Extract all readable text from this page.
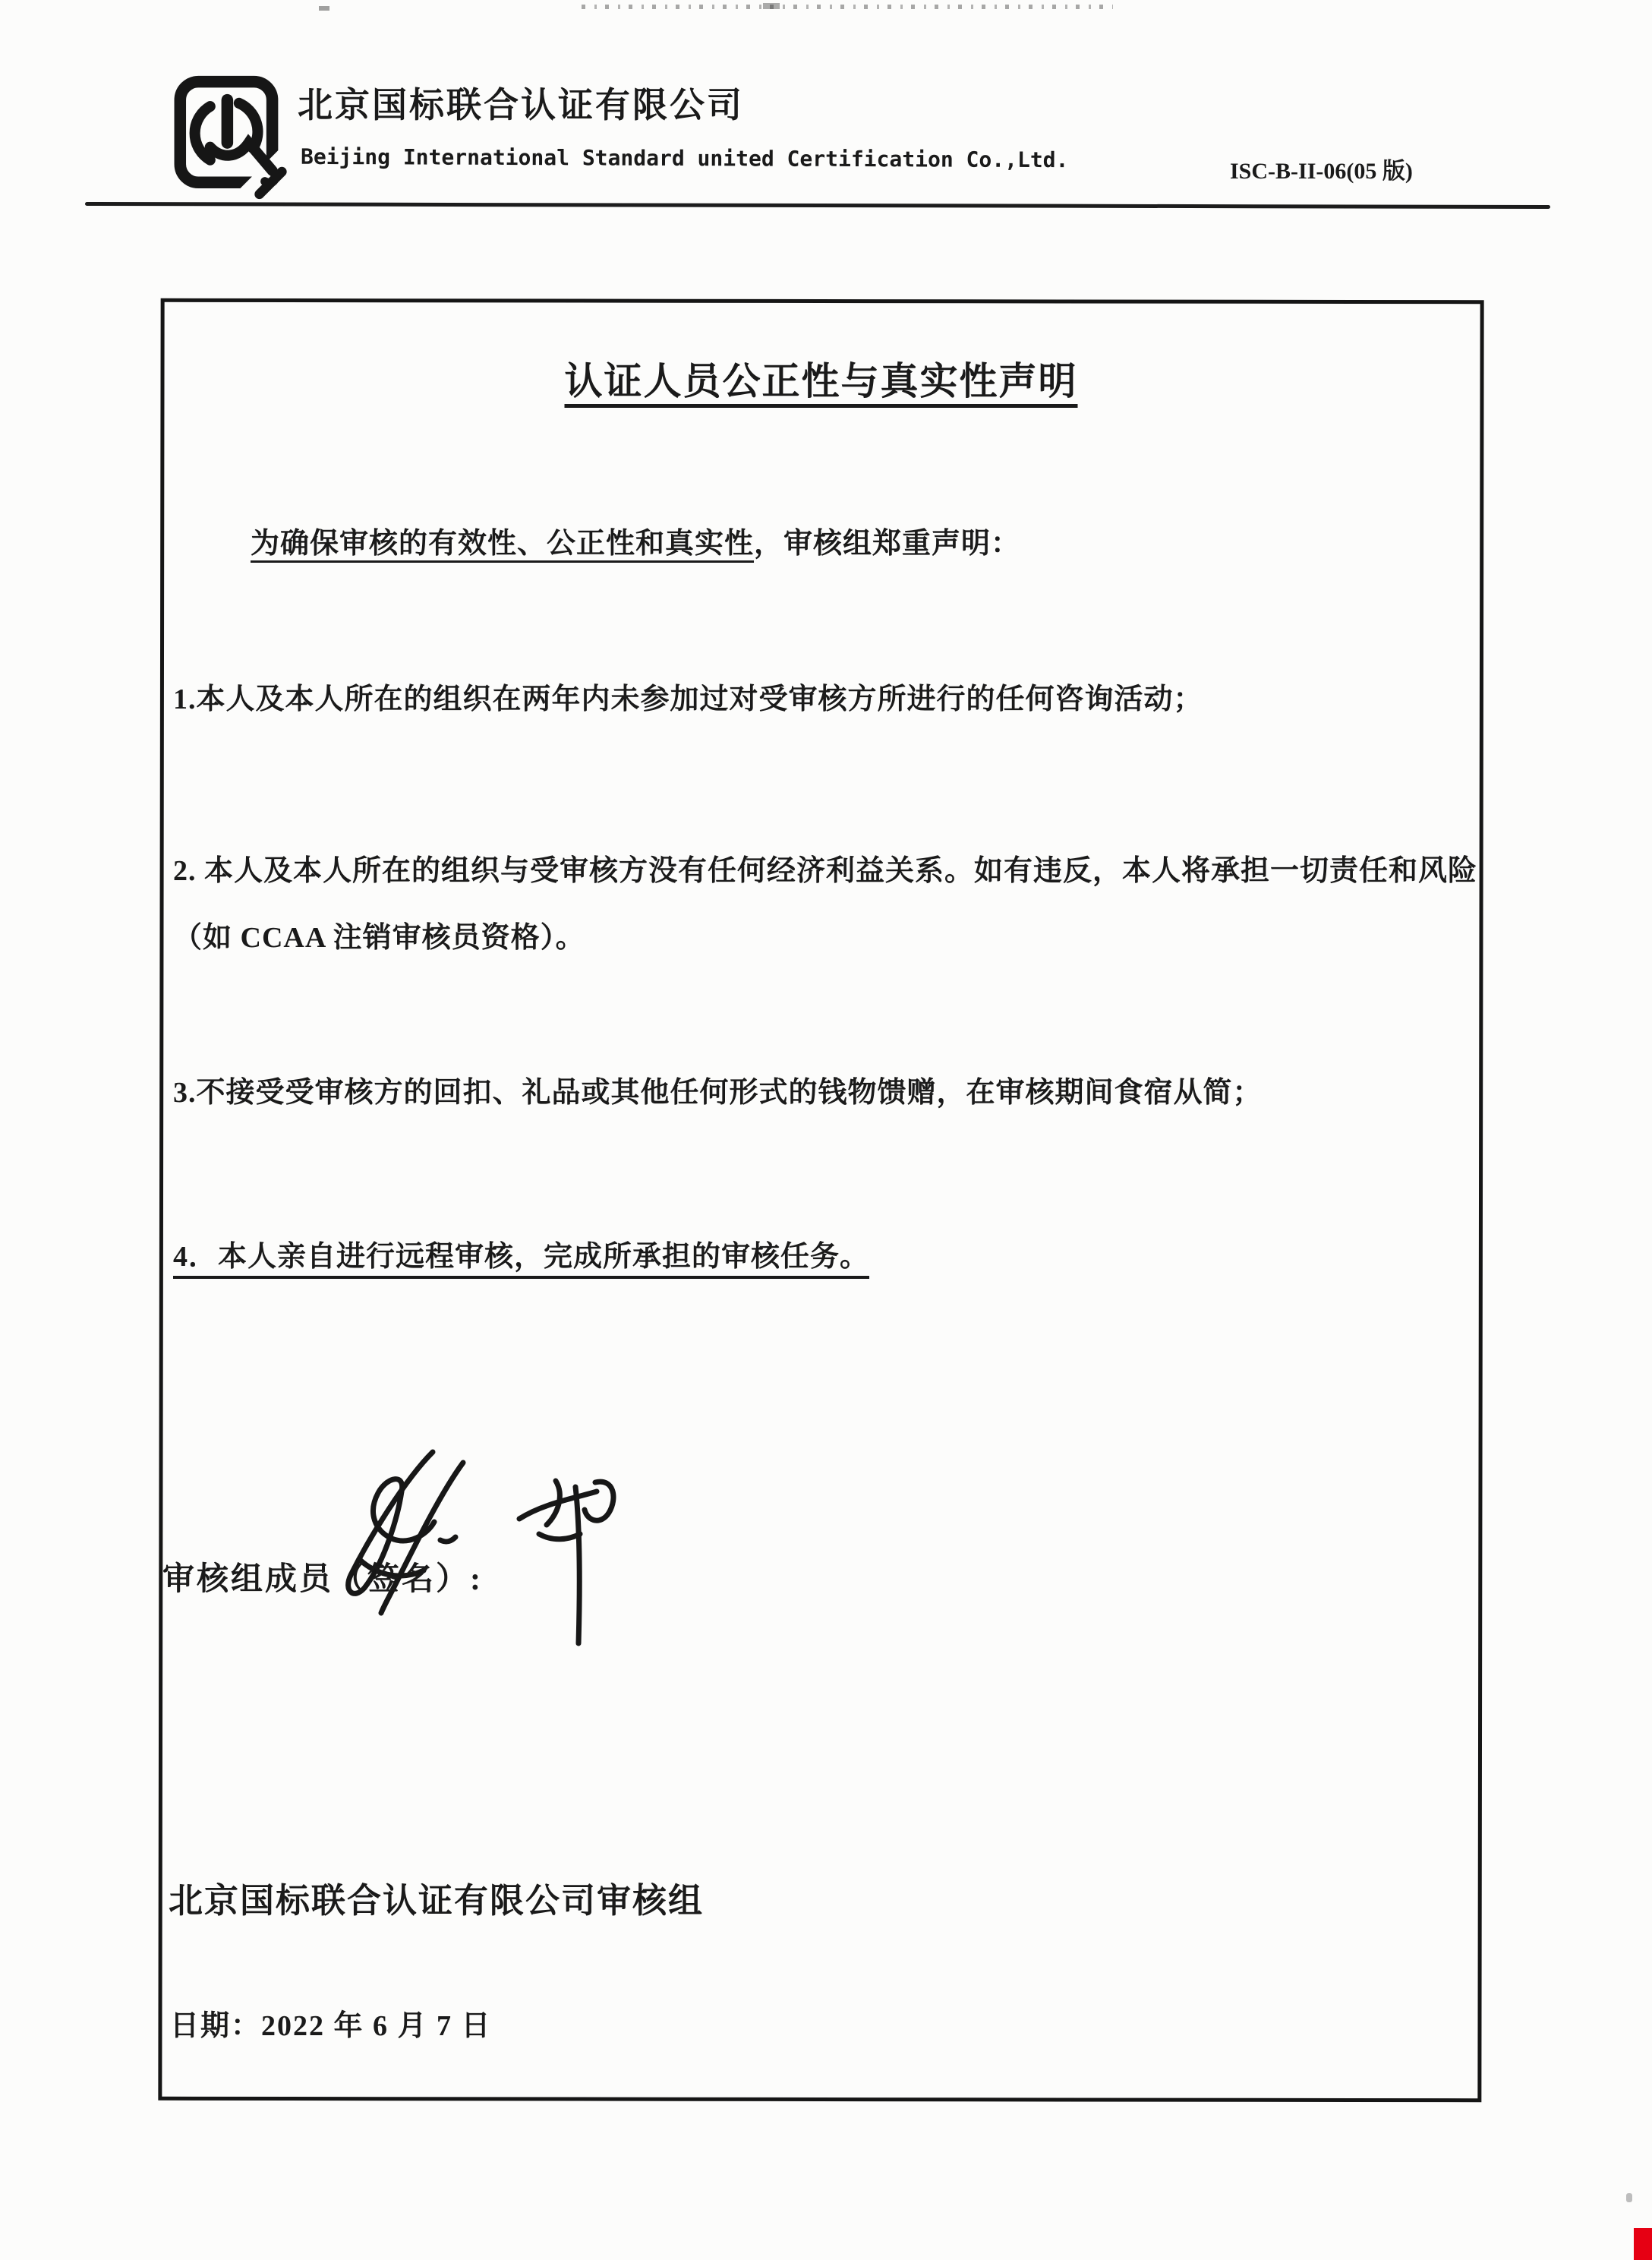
北京国标联合认证有限公司
Beijing International Standard united Certification Co.,Ltd.	ISC-B-II-06(05 版)
认证人员公正性与真实性声明
为确保审核的有效性、公正性和真实性，审核组郑重声明：
1.本人及本人所在的组织在两年内未参加过对受审核方所进行的任何咨询活动；
2. 本人及本人所在的组织与受审核方没有任何经济利益关系。如有违反，本人将承担一切责任和风险（如 CCAA 注销审核员资格）。
3.不接受受审核方的回扣、礼品或其他任何形式的钱物馈赠，在审核期间食宿从简；
4．本人亲自进行远程审核，完成所承担的审核任务。
审核组成员（签名）:
北京国标联合认证有限公司审核组
日期：2022 年 6 月 7 日
